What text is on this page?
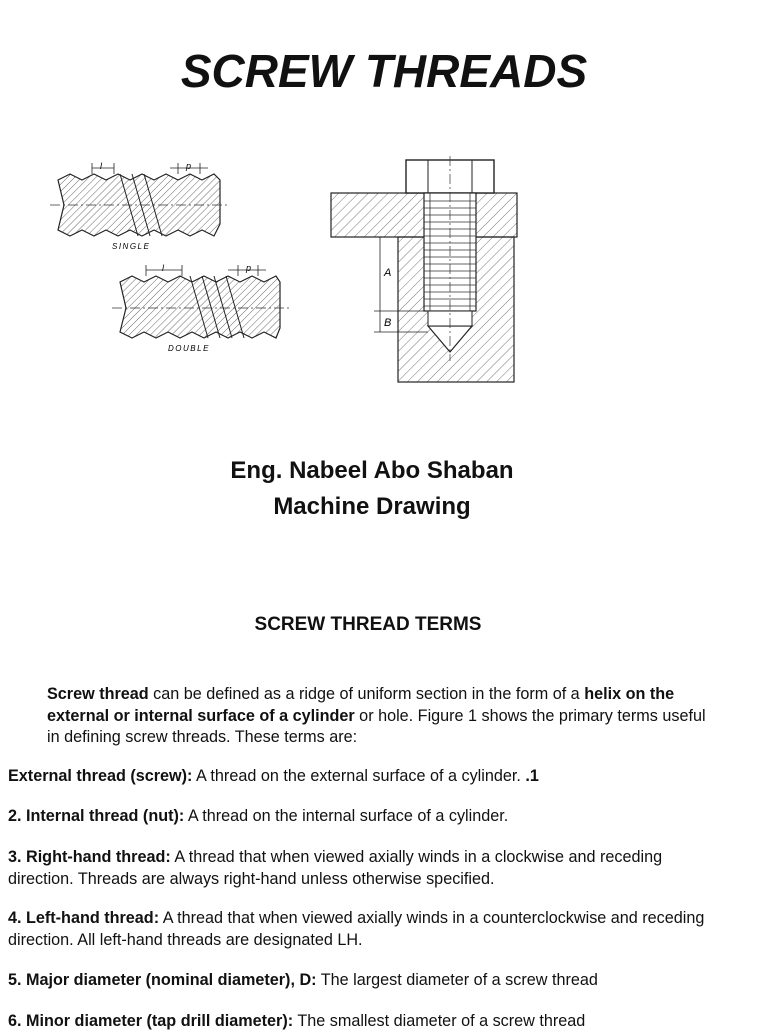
SCREW THREADS
l	p
SINGLE
l	p
DOUBLE
A
B
Eng. Nabeel Abo Shaban
Machine Drawing
SCREW THREAD TERMS

Screw thread can be defined as a ridge of uniform section in the form of a helix on the external or internal surface of a cylinder or hole. Figure 1 shows the primary terms useful in defining screw threads. These terms are:

External thread (screw): A thread on the external surface of a cylinder. .1
2. Internal thread (nut): A thread on the internal surface of a cylinder.
3. Right-hand thread: A thread that when viewed axially winds in a clockwise and receding direction. Threads are always right-hand unless otherwise specified.
4. Left-hand thread: A thread that when viewed axially winds in a counterclockwise and receding direction. All left-hand threads are designated LH.
5. Major diameter (nominal diameter), D: The largest diameter of a screw thread
6. Minor diameter (tap drill diameter): The smallest diameter of a screw thread
